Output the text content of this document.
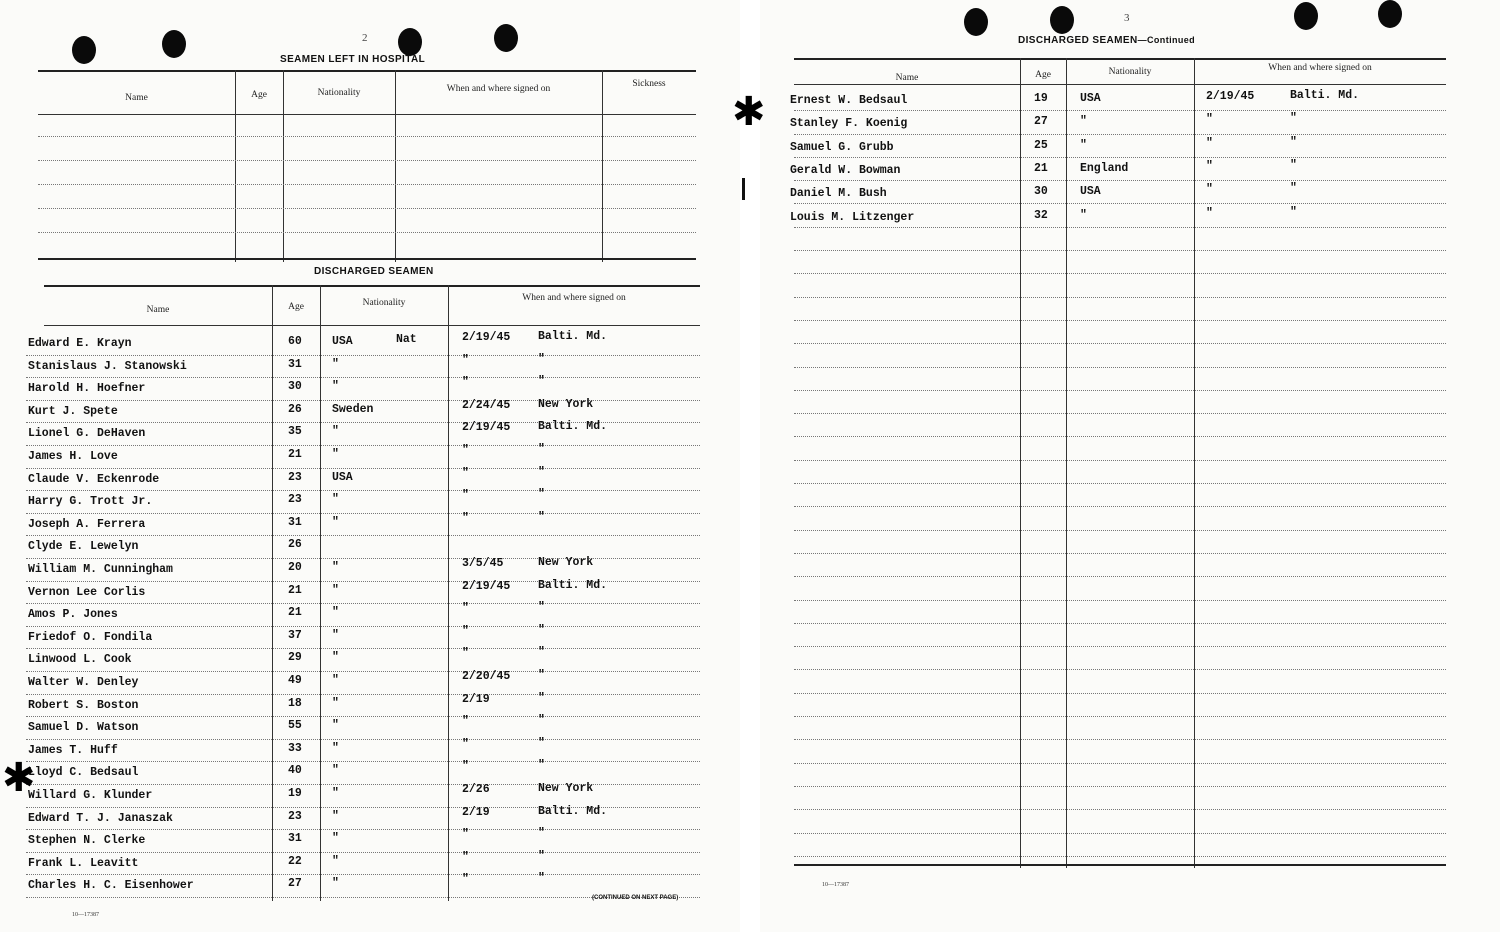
2
SEAMEN LEFT IN HOSPITAL
Name	Age	Nationality	When and where signed on	Sickness
DISCHARGED SEAMEN
Name	Age	Nationality	When and where signed on
Edward E. Krayn	60	USA	Nat	2/19/45 Balti. Md.
Stanislaus J. Stanowski	31	"	"	"
Harold H. Hoefner	30	"	"	"
Kurt J. Spete	26	Sweden	2/24/45 New York
Lionel G. DeHaven	35	"	2/19/45 Balti. Md.
James H. Love	21	"	"	"
Claude V. Eckenrode	23	USA	"	"
Harry G. Trott Jr.	23	"	"	"
Joseph A. Ferrera	31	"	"	"
Clyde E. Lewelyn	26
William M. Cunningham	20	"	3/5/45	New York
Vernon Lee Corlis	21	"	2/19/45 Balti. Md.
Amos P. Jones	21	"	"	"
Friedof O. Fondila	37	"	"	"
Linwood L. Cook	29	"	"	"
Walter W. Denley	49	"	2/20/45 "
Robert S. Boston	18	"	2/19	"
Samuel D. Watson	55	"	"	"
James T. Huff	33	"	"	"
Lloyd C. Bedsaul	40	"	"	"
Willard G. Klunder	19	"	2/26	New York
Edward T. J. Janaszak	23	"	2/19	Balti. Md.
Stephen N. Clerke	31	"	"	"
Frank L. Leavitt	22	"	"	"
Charles H. C. Eisenhower	27	"	"	"
✱
10—17387
(CONTINUED ON NEXT PAGE)
3
DISCHARGED SEAMEN—Continued
Name	Age	Nationality	When and where signed on
Ernest W. Bedsaul	19	USA	2/19/45	Balti. Md.
Stanley F. Koenig	27	"	"	"
Samuel G. Grubb	25	"	"	"
Gerald W. Bowman	21	England	"	"
Daniel M. Bush	30	USA	"	"
Louis M. Litzenger	32	"	"	"
✱
10—17387
